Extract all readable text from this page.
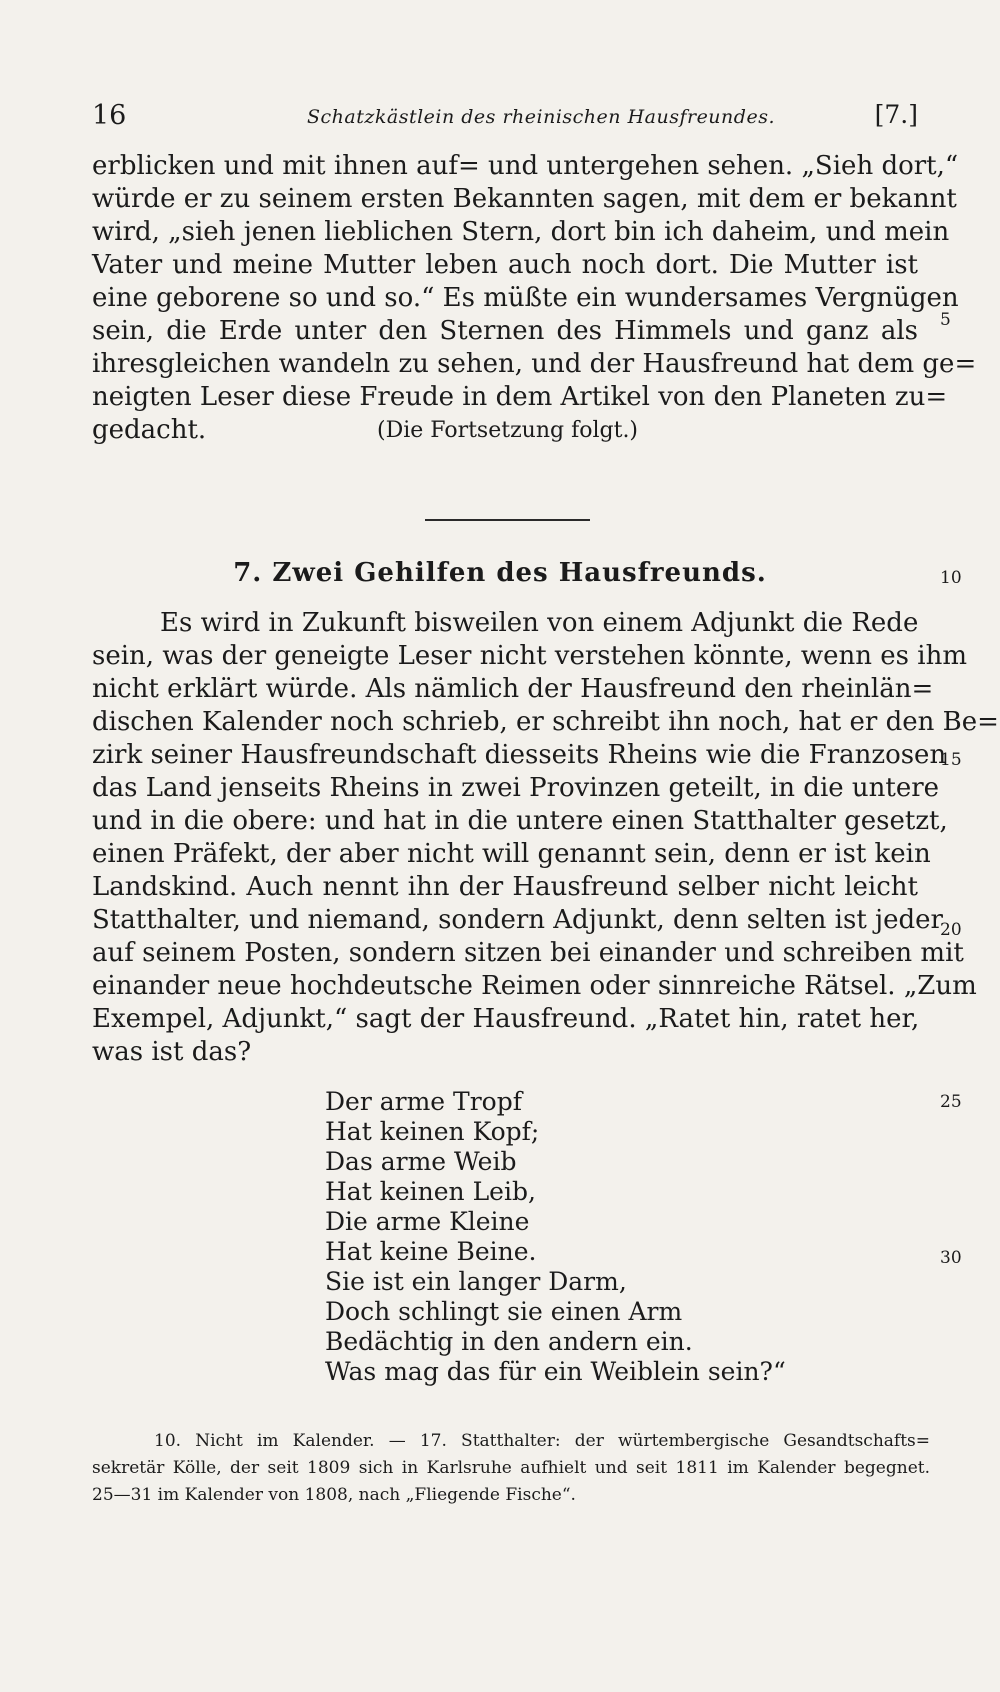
16	Schatzkästlein des rheinischen Hausfreundes.	[7.]
erblicken und mit ihnen auf= und untergehen sehen. „Sieh dort,“
würde er zu seinem ersten Bekannten sagen, mit dem er bekannt
wird, „sieh jenen lieblichen Stern, dort bin ich daheim, und mein
Vater und meine Mutter leben auch noch dort. Die Mutter ist
eine geborene so und so.“ Es müßte ein wundersames Vergnügen
sein, die Erde unter den Sternen des Himmels und ganz als
ihresgleichen wandeln zu sehen, und der Hausfreund hat dem ge=
neigten Leser diese Freude in dem Artikel von den Planeten zu=
gedacht.	(Die Fortsetzung folgt.)
7. Zwei Gehilfen des Hausfreunds.
Es wird in Zukunft bisweilen von einem Adjunkt die Rede
sein, was der geneigte Leser nicht verstehen könnte, wenn es ihm
nicht erklärt würde. Als nämlich der Hausfreund den rheinlän=
dischen Kalender noch schrieb, er schreibt ihn noch, hat er den Be=
zirk seiner Hausfreundschaft diesseits Rheins wie die Franzosen
das Land jenseits Rheins in zwei Provinzen geteilt, in die untere
und in die obere: und hat in die untere einen Statthalter gesetzt,
einen Präfekt, der aber nicht will genannt sein, denn er ist kein
Landskind. Auch nennt ihn der Hausfreund selber nicht leicht
Statthalter, und niemand, sondern Adjunkt, denn selten ist jeder
auf seinem Posten, sondern sitzen bei einander und schreiben mit
einander neue hochdeutsche Reimen oder sinnreiche Rätsel. „Zum
Exempel, Adjunkt,“ sagt der Hausfreund. „Ratet hin, ratet her,
was ist das?
Der arme Tropf
Hat keinen Kopf;
Das arme Weib
Hat keinen Leib,
Die arme Kleine
Hat keine Beine.
Sie ist ein langer Darm,
Doch schlingt sie einen Arm
Bedächtig in den andern ein.
Was mag das für ein Weiblein sein?“
5
10
15
20
25
30
10. Nicht im Kalender. — 17. Statthalter: der würtembergische Gesandtschafts=
sekretär Kölle, der seit 1809 sich in Karlsruhe aufhielt und seit 1811 im Kalender begegnet.
25—31 im Kalender von 1808, nach „Fliegende Fische“.
